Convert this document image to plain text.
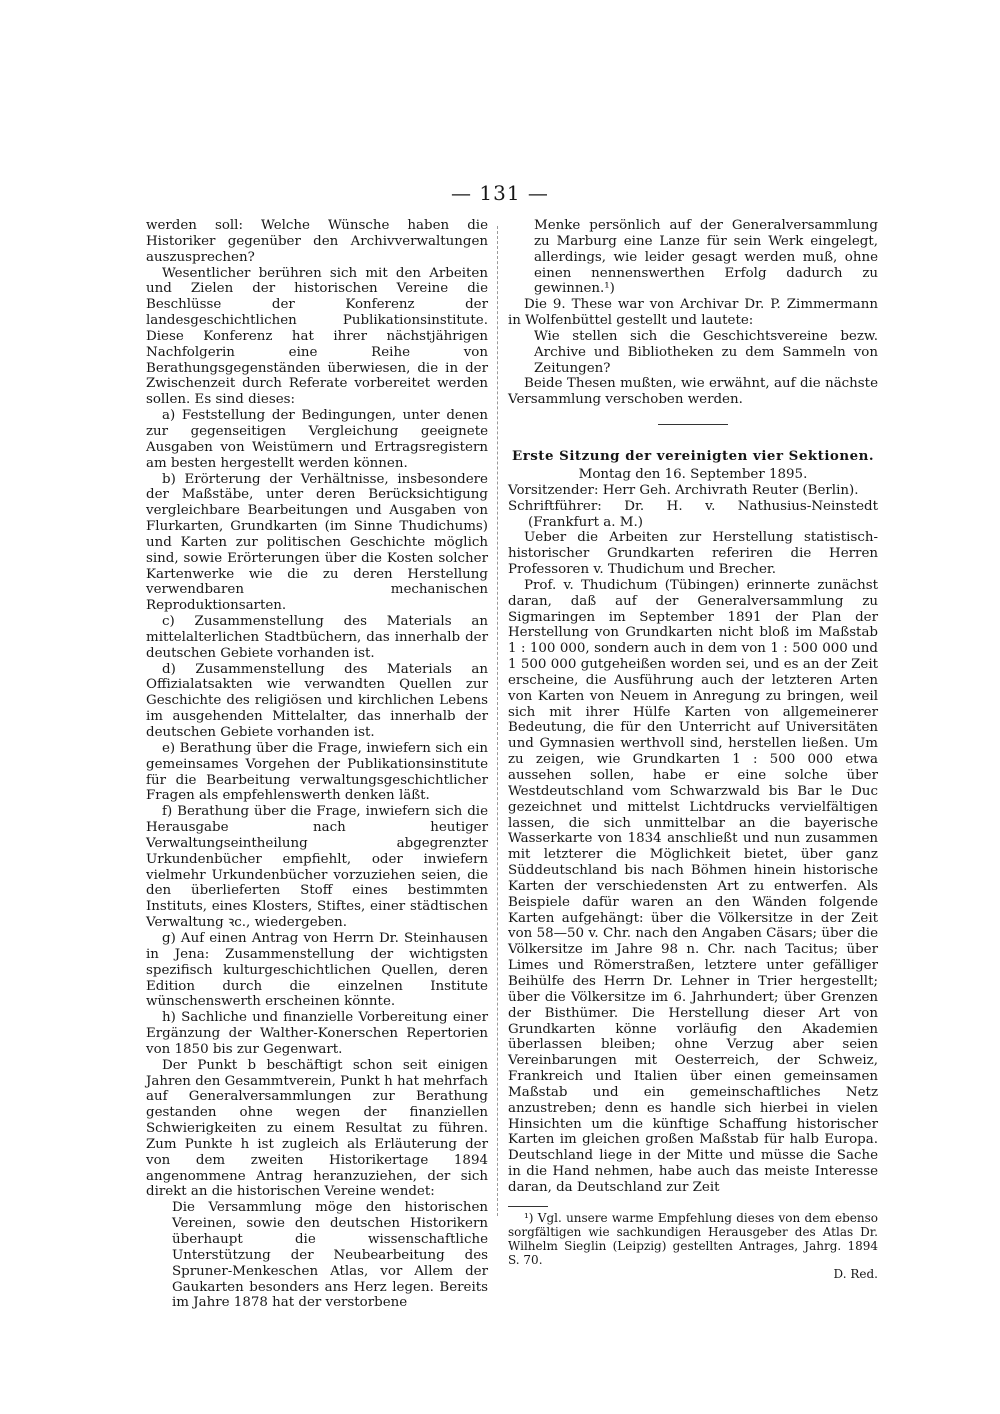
— 131 —

werden soll: Welche Wünsche haben die Historiker gegenüber den Archivverwaltungen auszusprechen?

Wesentlicher berühren sich mit den Arbeiten und Zielen der historischen Vereine die Beschlüsse der Konferenz der landesgeschichtlichen Publikationsinstitute. Diese Konferenz hat ihrer nächstjährigen Nachfolgerin eine Reihe von Berathungsgegenständen überwiesen, die in der Zwischenzeit durch Referate vorbereitet werden sollen. Es sind dieses:

a) Feststellung der Bedingungen, unter denen zur gegenseitigen Vergleichung geeignete Ausgaben von Weistümern und Ertragsregistern am besten hergestellt werden können.

b) Erörterung der Verhältnisse, insbesondere der Maßstäbe, unter deren Berücksichtigung vergleichbare Bearbeitungen und Ausgaben von Flurkarten, Grundkarten (im Sinne Thudichums) und Karten zur politischen Geschichte möglich sind, sowie Erörterungen über die Kosten solcher Kartenwerke wie die zu deren Herstellung verwendbaren mechanischen Reproduktionsarten.

c) Zusammenstellung des Materials an mittelalterlichen Stadtbüchern, das innerhalb der deutschen Gebiete vorhanden ist.

d) Zusammenstellung des Materials an Offizialatsakten wie verwandten Quellen zur Geschichte des religiösen und kirchlichen Lebens im ausgehenden Mittelalter, das innerhalb der deutschen Gebiete vorhanden ist.

e) Berathung über die Frage, inwiefern sich ein gemeinsames Vorgehen der Publikationsinstitute für die Bearbeitung verwaltungsgeschichtlicher Fragen als empfehlenswerth denken läßt.

f) Berathung über die Frage, inwiefern sich die Herausgabe nach heutiger Verwaltungseintheilung abgegrenzter Urkundenbücher empfiehlt, oder inwiefern vielmehr Urkundenbücher vorzuziehen seien, die den überlieferten Stoff eines bestimmten Instituts, eines Klosters, Stiftes, einer städtischen Verwaltung ꝛc., wiedergeben.

g) Auf einen Antrag von Herrn Dr. Steinhausen in Jena: Zusammenstellung der wichtigsten spezifisch kulturgeschichtlichen Quellen, deren Edition durch die einzelnen Institute wünschenswerth erscheinen könnte.

h) Sachliche und finanzielle Vorbereitung einer Ergänzung der Walther-Konerschen Repertorien von 1850 bis zur Gegenwart.

Der Punkt b beschäftigt schon seit einigen Jahren den Gesammtverein, Punkt h hat mehrfach auf Generalversammlungen zur Berathung gestanden ohne wegen der finanziellen Schwierigkeiten zu einem Resultat zu führen. Zum Punkte h ist zugleich als Erläuterung der von dem zweiten Historikertage 1894 angenommene Antrag heranzuziehen, der sich direkt an die historischen Vereine wendet:

Die Versammlung möge den historischen Vereinen, sowie den deutschen Historikern überhaupt die wissenschaftliche Unterstützung der Neubearbeitung des Spruner-Menkeschen Atlas, vor Allem der Gaukarten besonders ans Herz legen. Bereits im Jahre 1878 hat der verstorbene

Menke persönlich auf der Generalversammlung zu Marburg eine Lanze für sein Werk eingelegt, allerdings, wie leider gesagt werden muß, ohne einen nennenswerthen Erfolg dadurch zu gewinnen.¹)

Die 9. These war von Archivar Dr. P. Zimmermann in Wolfenbüttel gestellt und lautete:

Wie stellen sich die Geschichtsvereine bezw. Archive und Bibliotheken zu dem Sammeln von Zeitungen?

Beide Thesen mußten, wie erwähnt, auf die nächste Versammlung verschoben werden.

Erste Sitzung der vereinigten vier Sektionen.

Montag den 16. September 1895.

Vorsitzender: Herr Geh. Archivrath Reuter (Berlin).

Schriftführer: Dr. H. v. Nathusius-Neinstedt (Frankfurt a. M.)

Ueber die Arbeiten zur Herstellung statistisch-historischer Grundkarten referiren die Herren Professoren v. Thudichum und Brecher.

Prof. v. Thudichum (Tübingen) erinnerte zunächst daran, daß auf der Generalversammlung zu Sigmaringen im September 1891 der Plan der Herstellung von Grundkarten nicht bloß im Maßstab 1 : 100 000, sondern auch in dem von 1 : 500 000 und 1 500 000 gutgeheißen worden sei, und es an der Zeit erscheine, die Ausführung auch der letzteren Arten von Karten von Neuem in Anregung zu bringen, weil sich mit ihrer Hülfe Karten von allgemeinerer Bedeutung, die für den Unterricht auf Universitäten und Gymnasien werthvoll sind, herstellen ließen. Um zu zeigen, wie Grundkarten 1 : 500 000 etwa aussehen sollen, habe er eine solche über Westdeutschland vom Schwarzwald bis Bar le Duc gezeichnet und mittelst Lichtdrucks vervielfältigen lassen, die sich unmittelbar an die bayerische Wasserkarte von 1834 anschließt und nun zusammen mit letzterer die Möglichkeit bietet, über ganz Süddeutschland bis nach Böhmen hinein historische Karten der verschiedensten Art zu entwerfen. Als Beispiele dafür waren an den Wänden folgende Karten aufgehängt: über die Völkersitze in der Zeit von 58—50 v. Chr. nach den Angaben Cäsars; über die Völkersitze im Jahre 98 n. Chr. nach Tacitus; über Limes und Römerstraßen, letztere unter gefälliger Beihülfe des Herrn Dr. Lehner in Trier hergestellt; über die Völkersitze im 6. Jahrhundert; über Grenzen der Bisthümer. Die Herstellung dieser Art von Grundkarten könne vorläufig den Akademien überlassen bleiben; ohne Verzug aber seien Vereinbarungen mit Oesterreich, der Schweiz, Frankreich und Italien über einen gemeinsamen Maßstab und ein gemeinschaftliches Netz anzustreben; denn es handle sich hierbei in vielen Hinsichten um die künftige Schaffung historischer Karten im gleichen großen Maßstab für halb Europa. Deutschland liege in der Mitte und müsse die Sache in die Hand nehmen, habe auch das meiste Interesse daran, da Deutschland zur Zeit

¹) Vgl. unsere warme Empfehlung dieses von dem ebenso sorgfältigen wie sachkundigen Herausgeber des Atlas Dr. Wilhelm Sieglin (Leipzig) gestellten Antrages, Jahrg. 1894 S. 70.
D. Red.
